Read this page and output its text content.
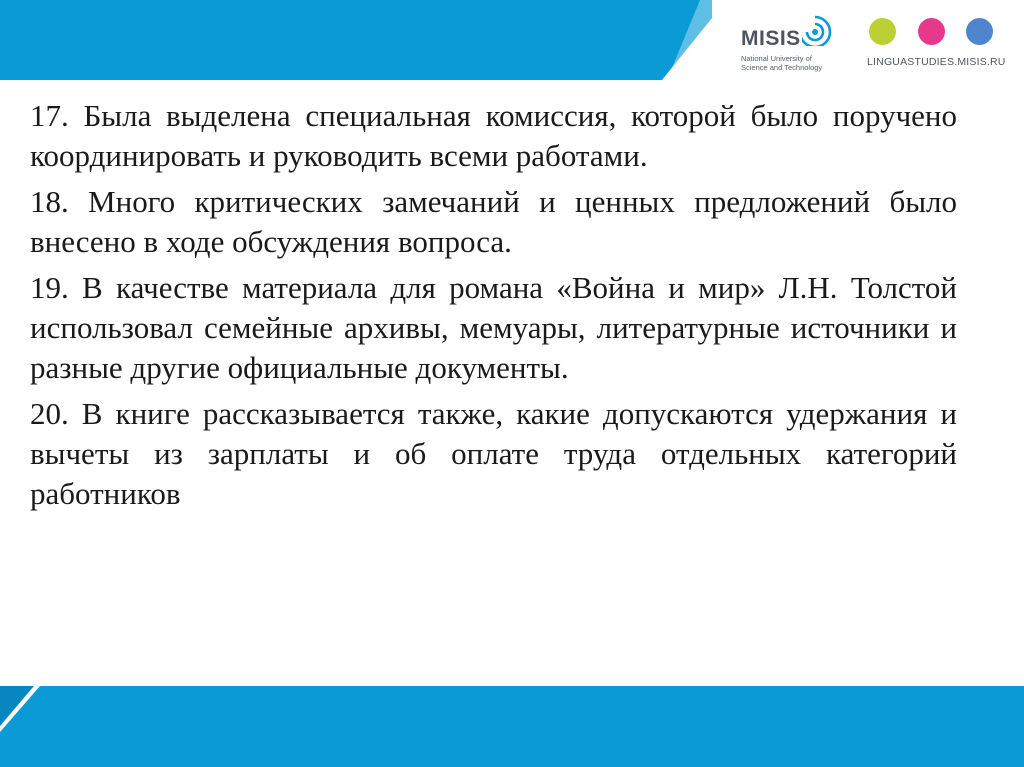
MISIS
National University of
Science and Technology	LINGUASTUDIES.MISIS.RU

17. Была выделена специальная комиссия, которой было поручено координировать и руководить всеми работами.

18. Много критических замечаний и ценных предложений было внесено в ходе обсуждения вопроса.

19. В качестве материала для романа «Война и мир» Л.Н. Толстой использовал семейные архивы, мемуары, литературные источники и разные другие официальные документы.

20. В книге рассказывается также, какие допускаются удержания и вычеты из зарплаты и об оплате труда отдельных категорий работников
